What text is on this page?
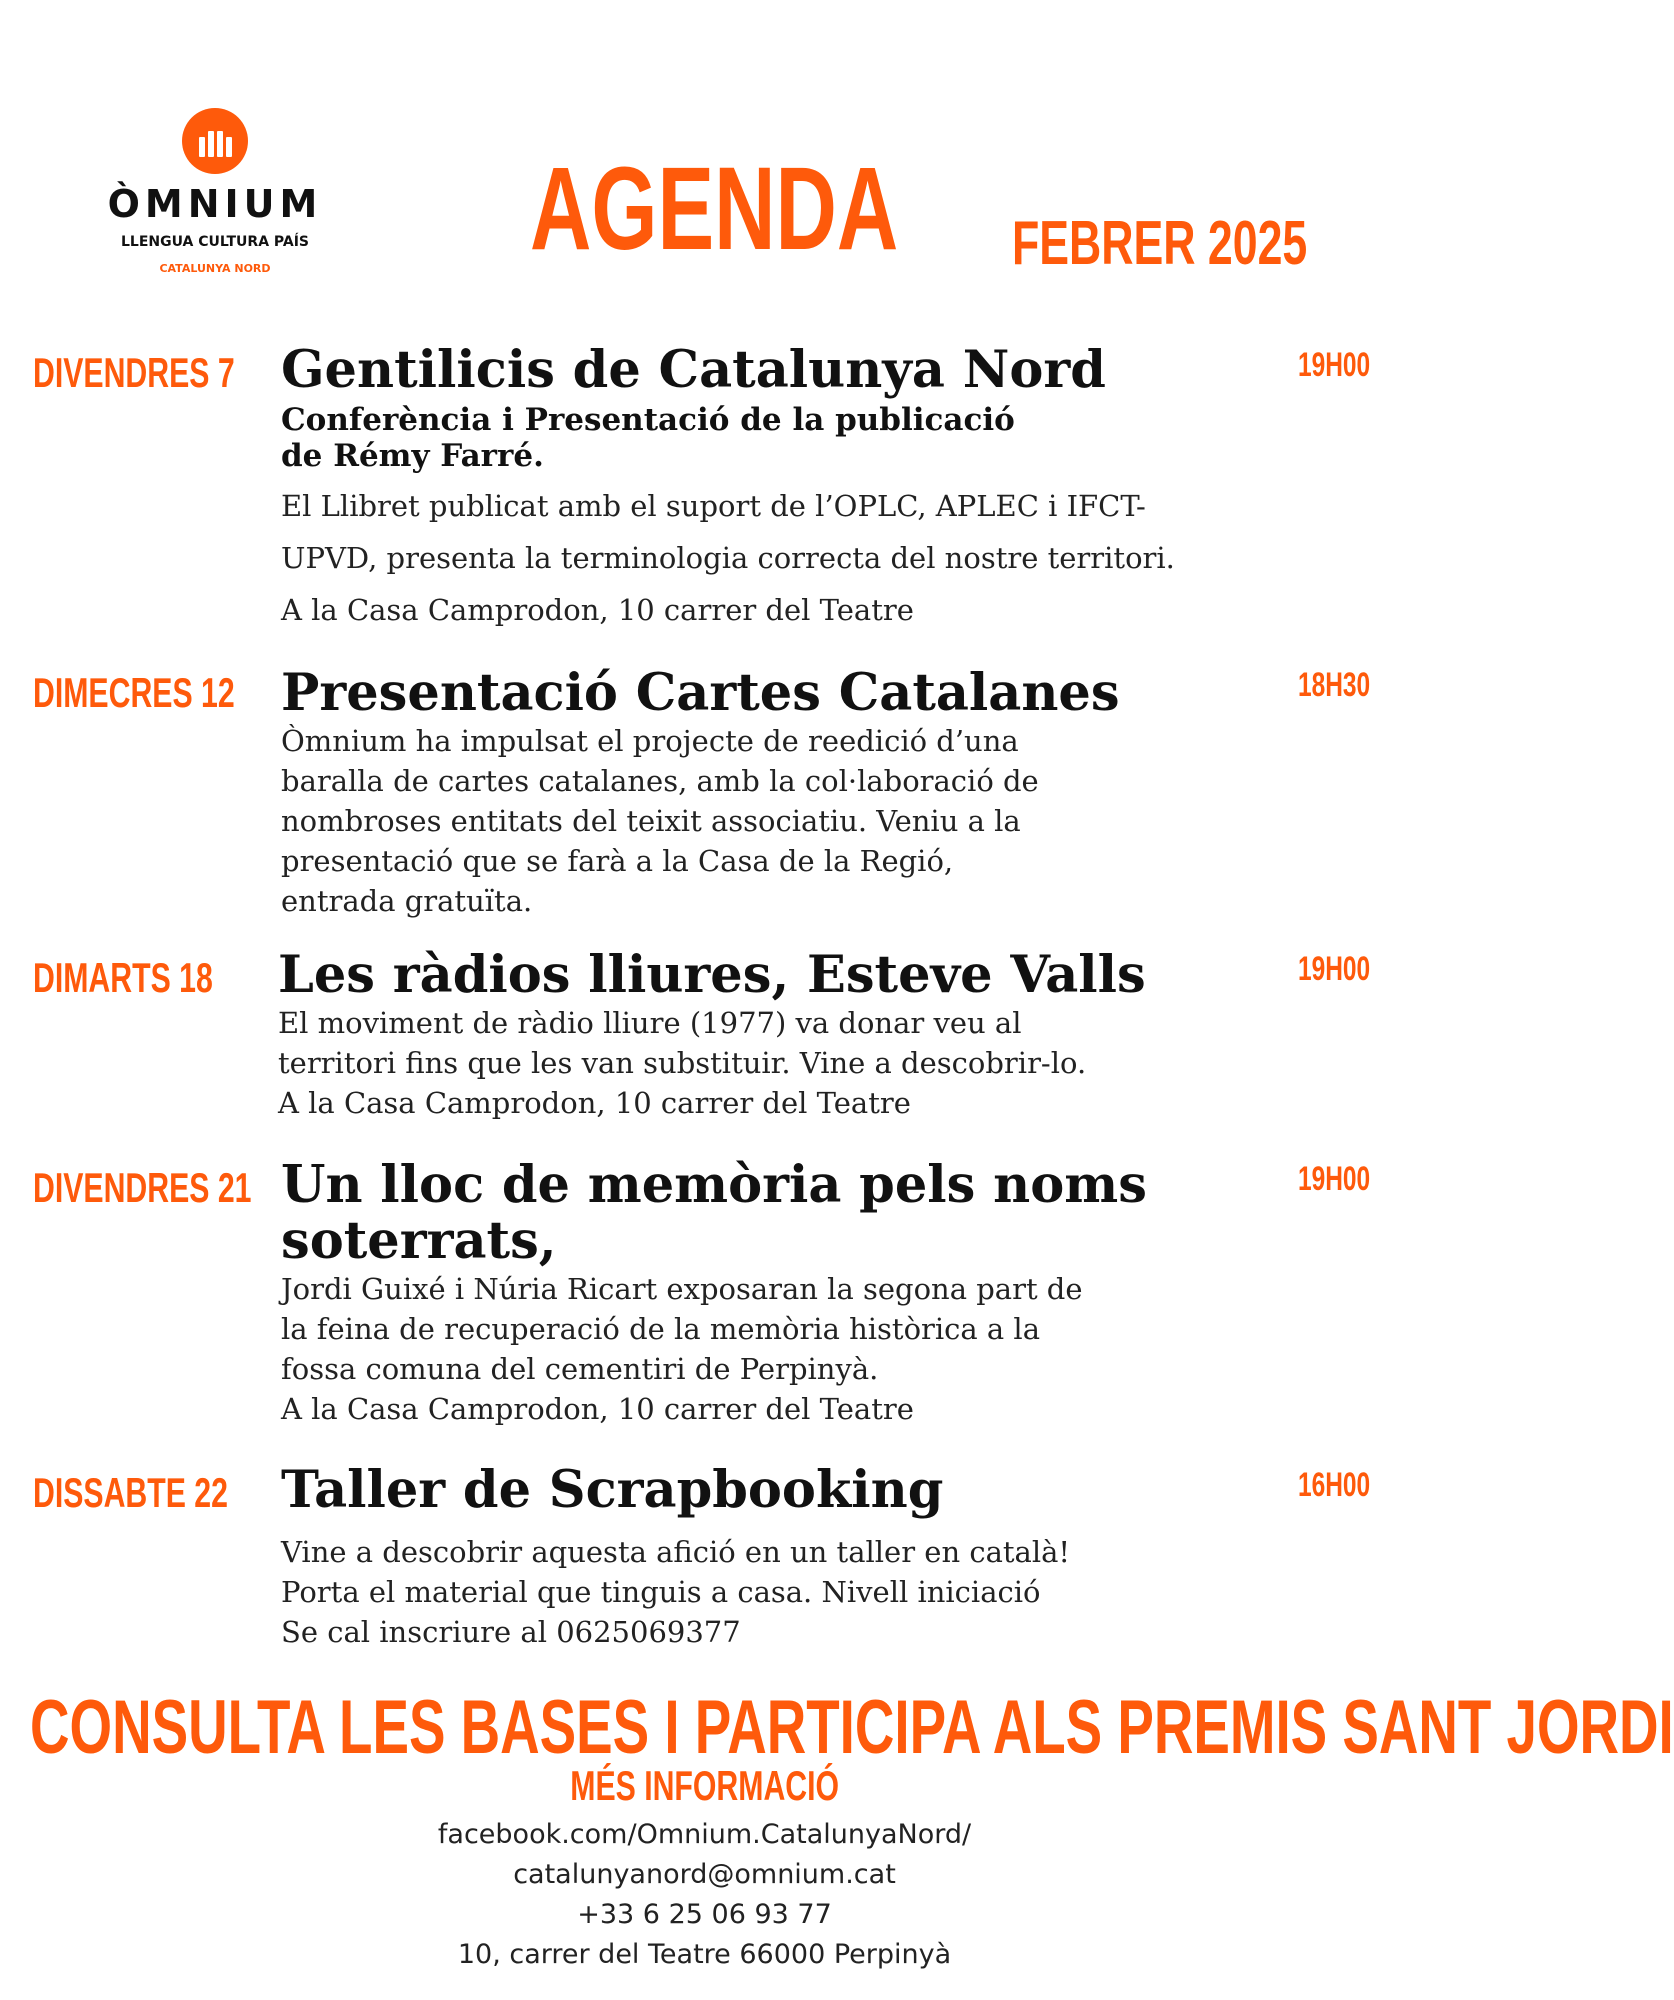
ÒMNIUM
LLENGUA CULTURA PAÍS
CATALUNYA NORD	AGENDA FEBRER 2025
DIVENDRES 7	19H00

Gentilicis de Catalunya Nord

Conferència i Presentació de la publicació

de Rémy Farré.

El Llibret publicat amb el suport de l’OPLC, APLEC i IFCT-

UPVD, presenta la terminologia correcta del nostre territori.

A la Casa Camprodon, 10 carrer del Teatre

DIMECRES 12	18H30

Presentació Cartes Catalanes

Òmnium ha impulsat el projecte de reedició d’una

baralla de cartes catalanes, amb la col·laboració de

nombroses entitats del teixit associatiu. Veniu a la

presentació que se farà a la Casa de la Regió,

entrada gratuïta.

DIMARTS 18	19H00

Les ràdios lliures, Esteve Valls

El moviment de ràdio lliure (1977) va donar veu al

territori fins que les van substituir. Vine a descobrir-lo.

A la Casa Camprodon, 10 carrer del Teatre

DIVENDRES 21	19H00

Un lloc de memòria pels noms

soterrats,

Jordi Guixé i Núria Ricart exposaran la segona part de

la feina de recuperació de la memòria històrica a la

fossa comuna del cementiri de Perpinyà.

A la Casa Camprodon, 10 carrer del Teatre

DISSABTE 22	16H00

Taller de Scrapbooking

Vine a descobrir aquesta afició en un taller en català!

Porta el material que tinguis a casa. Nivell iniciació

Se cal inscriure al 0625069377

CONSULTA LES BASES I PARTICIPA ALS PREMIS SANT JORDI
MÉS INFORMACIÓ
facebook.com/Omnium.CatalunyaNord/
catalunyanord@omnium.cat
+33 6 25 06 93 77
10, carrer del Teatre 66000 Perpinyà
